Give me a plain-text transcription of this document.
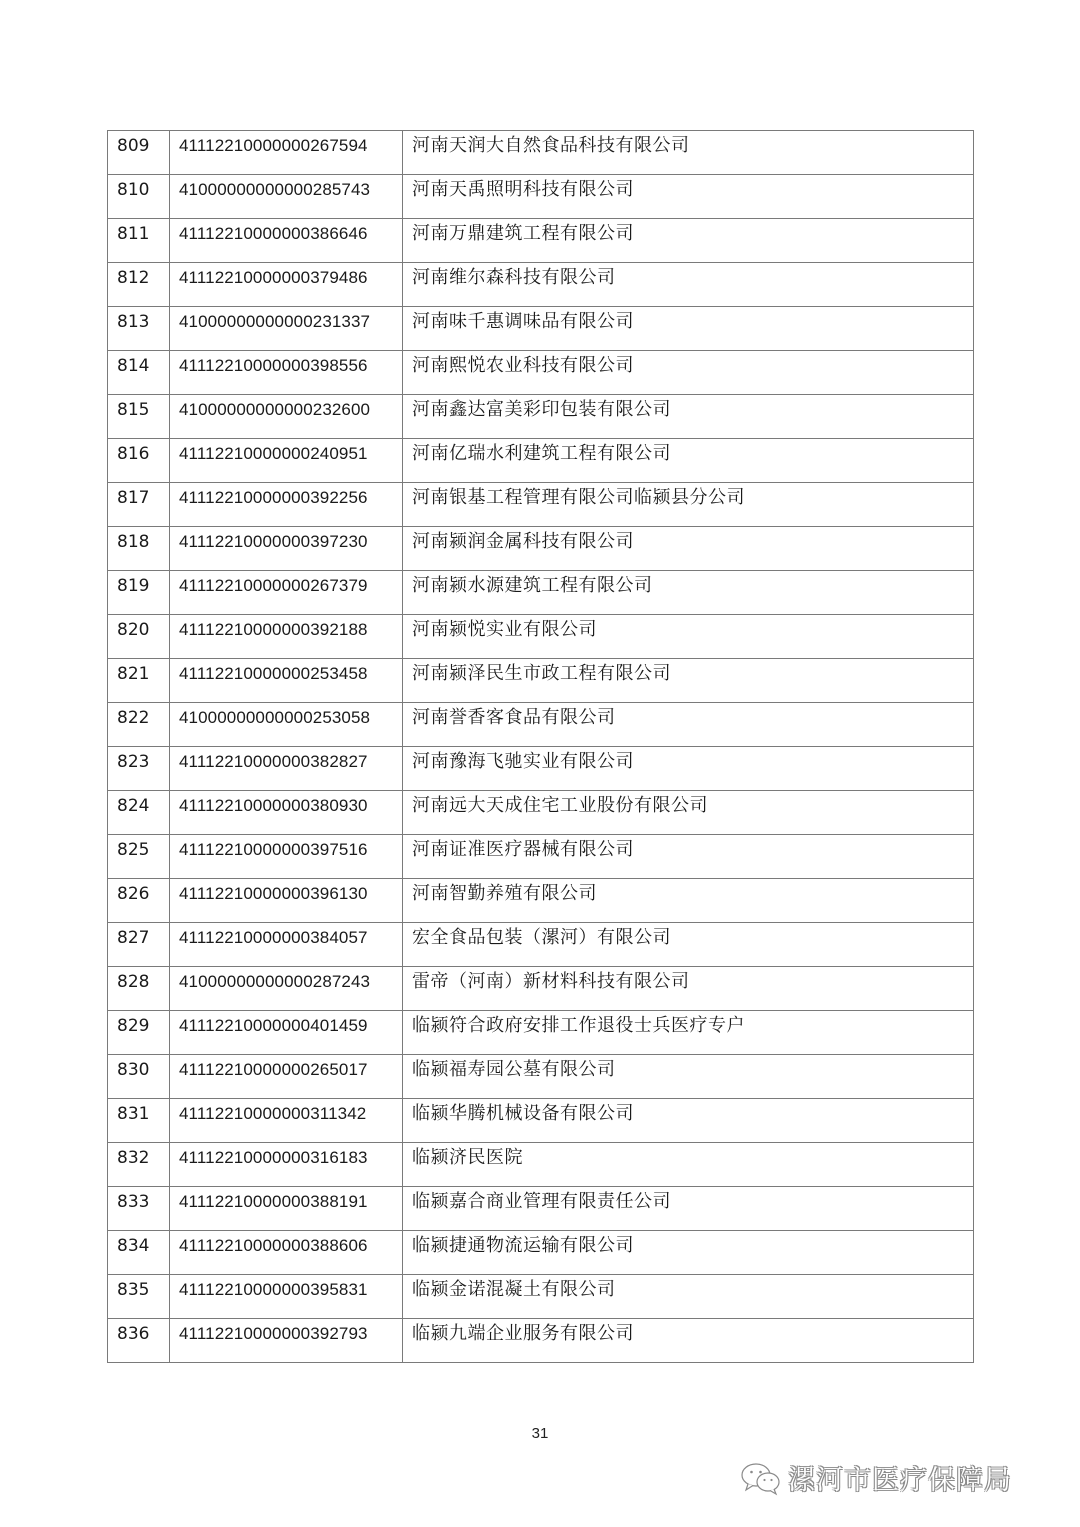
809	41112210000000267594	河南天润大自然食品科技有限公司
810	41000000000000285743	河南天禹照明科技有限公司
811	41112210000000386646	河南万鼎建筑工程有限公司
812	41112210000000379486	河南维尔森科技有限公司
813	41000000000000231337	河南味千惠调味品有限公司
814	41112210000000398556	河南熙悦农业科技有限公司
815	41000000000000232600	河南鑫达富美彩印包装有限公司
816	41112210000000240951	河南亿瑞水利建筑工程有限公司
817	41112210000000392256	河南银基工程管理有限公司临颍县分公司
818	41112210000000397230	河南颍润金属科技有限公司
819	41112210000000267379	河南颍水源建筑工程有限公司
820	41112210000000392188	河南颍悦实业有限公司
821	41112210000000253458	河南颍泽民生市政工程有限公司
822	41000000000000253058	河南誉香客食品有限公司
823	41112210000000382827	河南豫海飞驰实业有限公司
824	41112210000000380930	河南远大天成住宅工业股份有限公司
825	41112210000000397516	河南证准医疗器械有限公司
826	41112210000000396130	河南智勤养殖有限公司
827	41112210000000384057	宏全食品包装（漯河）有限公司
828	41000000000000287243	雷帝（河南）新材料科技有限公司
829	41112210000000401459	临颍符合政府安排工作退役士兵医疗专户
830	41112210000000265017	临颍福寿园公墓有限公司
831	41112210000000311342	临颍华腾机械设备有限公司
832	41112210000000316183	临颍济民医院
833	41112210000000388191	临颍嘉合商业管理有限责任公司
834	41112210000000388606	临颍捷通物流运输有限公司
835	41112210000000395831	临颍金诺混凝土有限公司
836	41112210000000392793	临颍九端企业服务有限公司
31
漯河市医疗保障局
